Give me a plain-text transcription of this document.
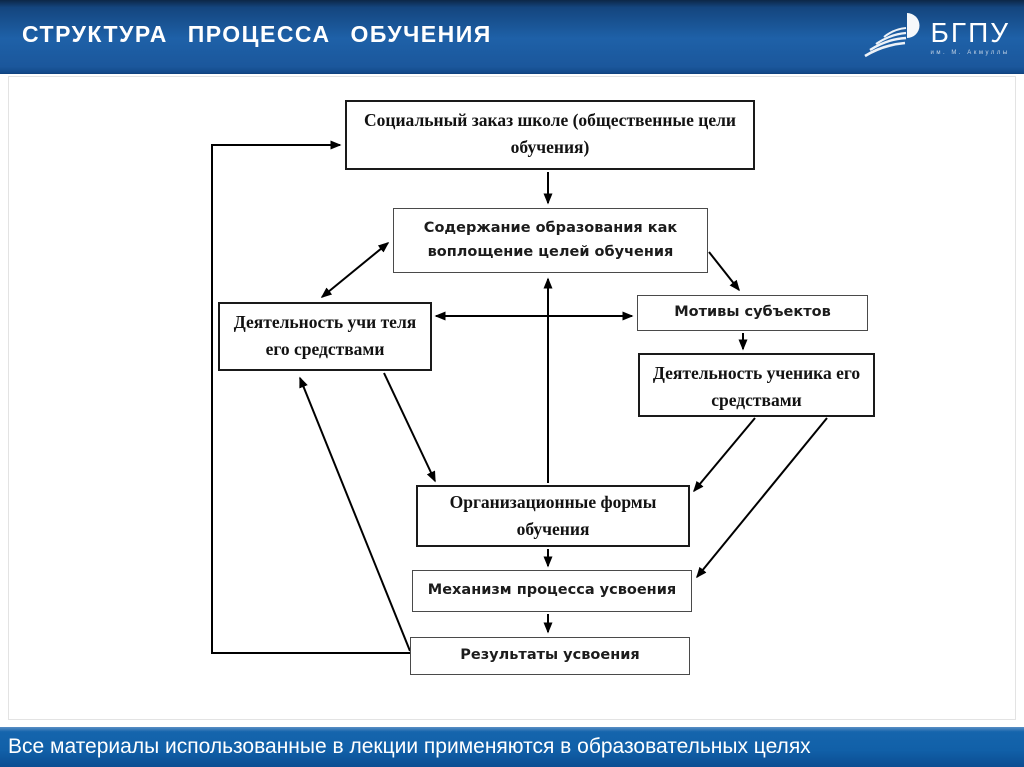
СТРУКТУРА ПРОЦЕССА ОБУЧЕНИЯ	БГПУ
им. М. Акмуллы
Социальный заказ школе (общественные цели обучения)
Содержание образования как воплощение целей обучения
Деятельность учи теля его средствами
Мотивы субъектов
Деятельность ученика его средствами
Организационные формы обучения
Механизм процесса усвоения
Результаты усвоения
Все материалы использованные в лекции применяются в образовательных целях
